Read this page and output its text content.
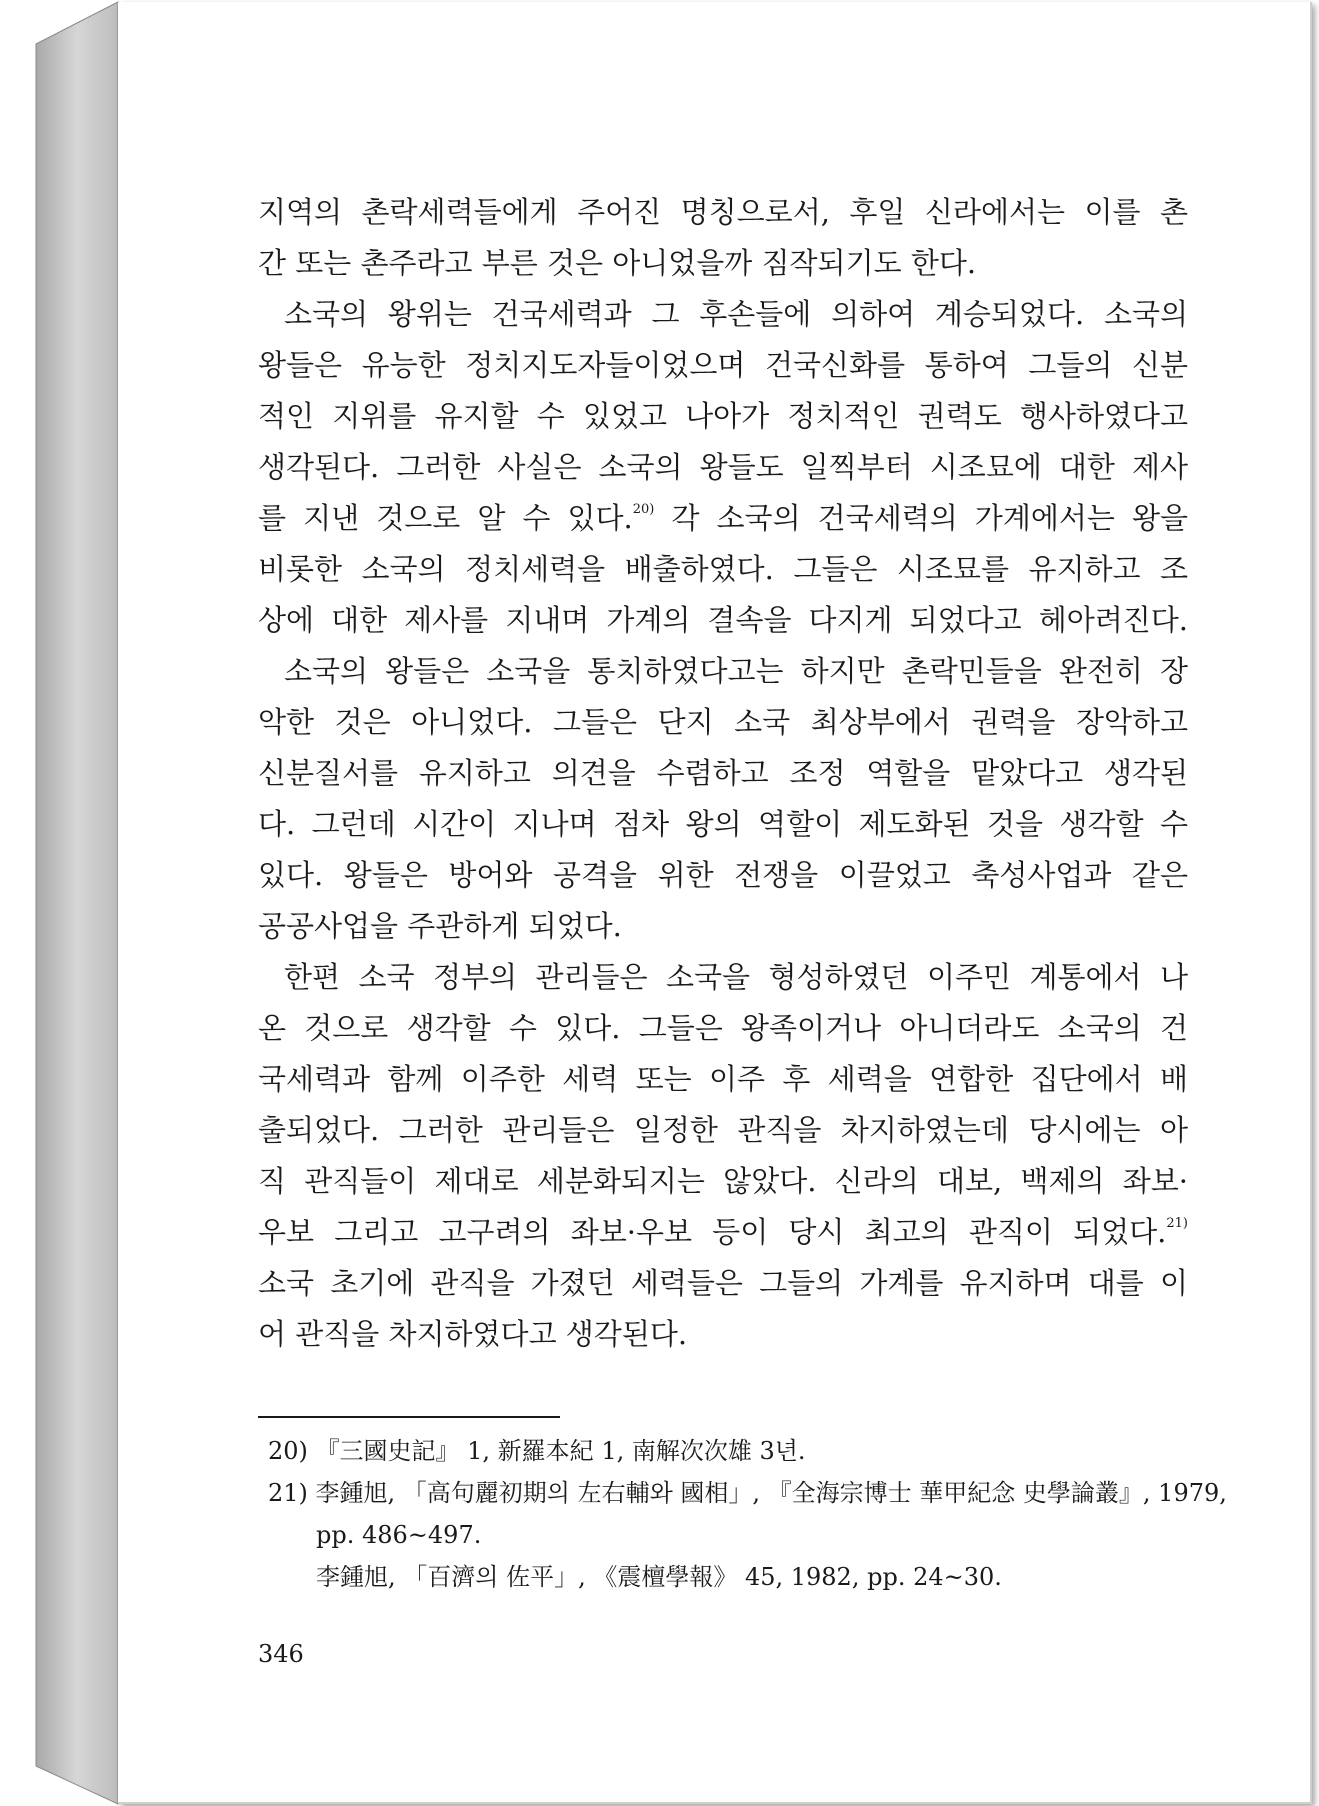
지역의 촌락세력들에게 주어진 명칭으로서, 후일 신라에서는 이를 촌
간 또는 촌주라고 부른 것은 아니었을까 짐작되기도 한다.
소국의 왕위는 건국세력과 그 후손들에 의하여 계승되었다. 소국의
왕들은 유능한 정치지도자들이었으며 건국신화를 통하여 그들의 신분
적인 지위를 유지할 수 있었고 나아가 정치적인 권력도 행사하였다고
생각된다. 그러한 사실은 소국의 왕들도 일찍부터 시조묘에 대한 제사
를 지낸 것으로 알 수 있다.$^{20)}$ 각 소국의 건국세력의 가계에서는 왕을
비롯한 소국의 정치세력을 배출하였다. 그들은 시조묘를 유지하고 조
상에 대한 제사를 지내며 가계의 결속을 다지게 되었다고 헤아려진다.
소국의 왕들은 소국을 통치하였다고는 하지만 촌락민들을 완전히 장
악한 것은 아니었다. 그들은 단지 소국 최상부에서 권력을 장악하고
신분질서를 유지하고 의견을 수렴하고 조정 역할을 맡았다고 생각된
다. 그런데 시간이 지나며 점차 왕의 역할이 제도화된 것을 생각할 수
있다. 왕들은 방어와 공격을 위한 전쟁을 이끌었고 축성사업과 같은
공공사업을 주관하게 되었다.
한편 소국 정부의 관리들은 소국을 형성하였던 이주민 계통에서 나
온 것으로 생각할 수 있다. 그들은 왕족이거나 아니더라도 소국의 건
국세력과 함께 이주한 세력 또는 이주 후 세력을 연합한 집단에서 배
출되었다. 그러한 관리들은 일정한 관직을 차지하였는데 당시에는 아
직 관직들이 제대로 세분화되지는 않았다. 신라의 대보, 백제의 좌보·
우보 그리고 고구려의 좌보·우보 등이 당시 최고의 관직이 되었다.$^{21)}$
소국 초기에 관직을 가졌던 세력들은 그들의 가계를 유지하며 대를 이
어 관직을 차지하였다고 생각된다.
20) 『三國史記』 1, 新羅本紀 1, 南解次次雄 3년.
21) 李鍾旭, 「高句麗初期의 左右輔와 國相」, 『全海宗博士 華甲紀念 史學論叢』, 1979,
pp. 486~497.
李鍾旭, 「百濟의 佐平」, 《震檀學報》 45, 1982, pp. 24~30.
346
